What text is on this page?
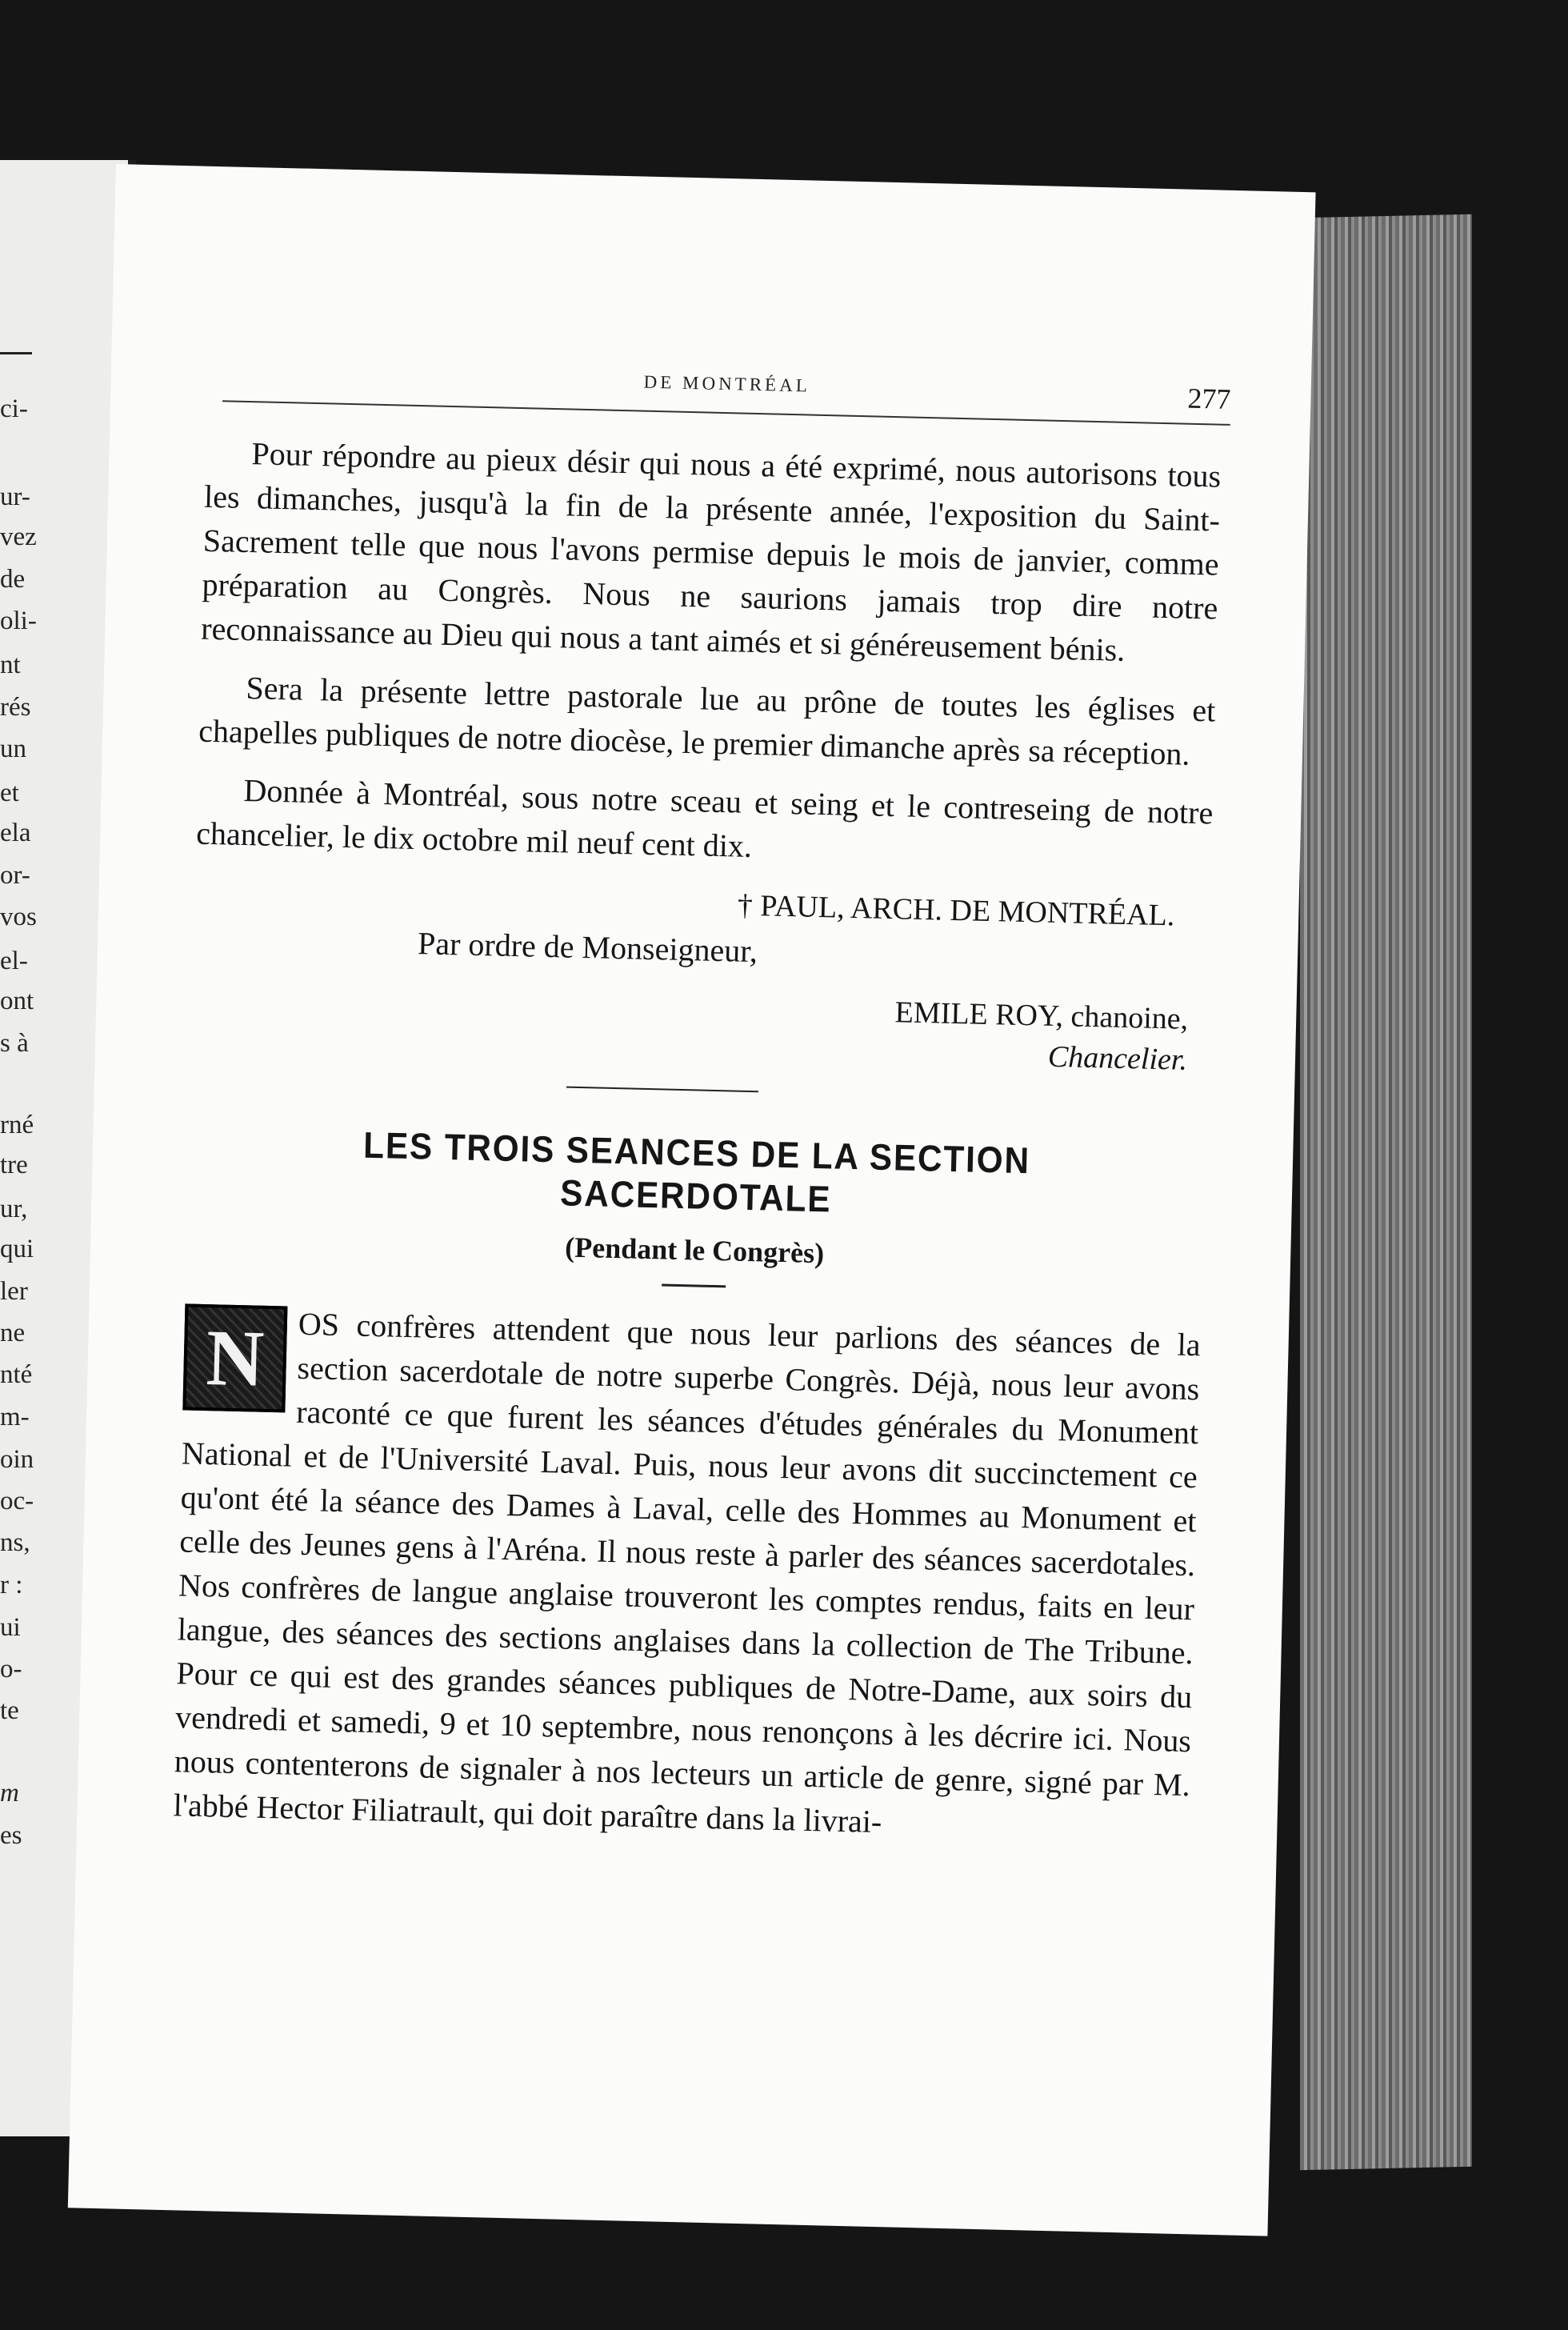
ci-
ur-
vez
de
oli-
nt
rés
un
et
ela
or-
vos
el-
ont
s à
rné
tre
ur,
qui
ler
ne
nté
m-
oin
oc-
ns,
r :
ui
o-
te
m
es
DE MONTRÉAL	277

Pour répondre au pieux désir qui nous a été exprimé, nous autorisons tous les dimanches, jusqu'à la fin de la présente année, l'exposition du Saint-Sacrement telle que nous l'avons permise depuis le mois de janvier, comme préparation au Congrès. Nous ne saurions jamais trop dire notre reconnaissance au Dieu qui nous a tant aimés et si généreusement bénis.

Sera la présente lettre pastorale lue au prône de toutes les églises et chapelles publiques de notre diocèse, le premier dimanche après sa réception.

Donnée à Montréal, sous notre sceau et seing et le contreseing de notre chancelier, le dix octobre mil neuf cent dix.

† PAUL, ARCH. DE MONTRÉAL.
Par ordre de Monseigneur,
EMILE ROY, chanoine,
Chancelier.
LES TROIS SEANCES DE LA SECTION SACERDOTALE
(Pendant le Congrès)
N	OS confrères attendent que nous leur parlions des séances de la section sacerdotale de notre superbe Congrès. Déjà, nous leur avons raconté ce que furent les séances d'études générales du Monument National et de l'Université Laval. Puis, nous leur avons dit succinctement ce qu'ont été la séance des Dames à Laval, celle des Hommes au Monument et celle des Jeunes gens à l'Aréna. Il nous reste à parler des séances sacerdotales. Nos confrères de langue anglaise trouveront les comptes rendus, faits en leur langue, des séances des sections anglaises dans la collection de The Tribune. Pour ce qui est des grandes séances publiques de Notre-Dame, aux soirs du vendredi et samedi, 9 et 10 septembre, nous renonçons à les décrire ici. Nous nous contenterons de signaler à nos lecteurs un article de genre, signé par M. l'abbé Hector Filiatrault, qui doit paraître dans la livrai-
